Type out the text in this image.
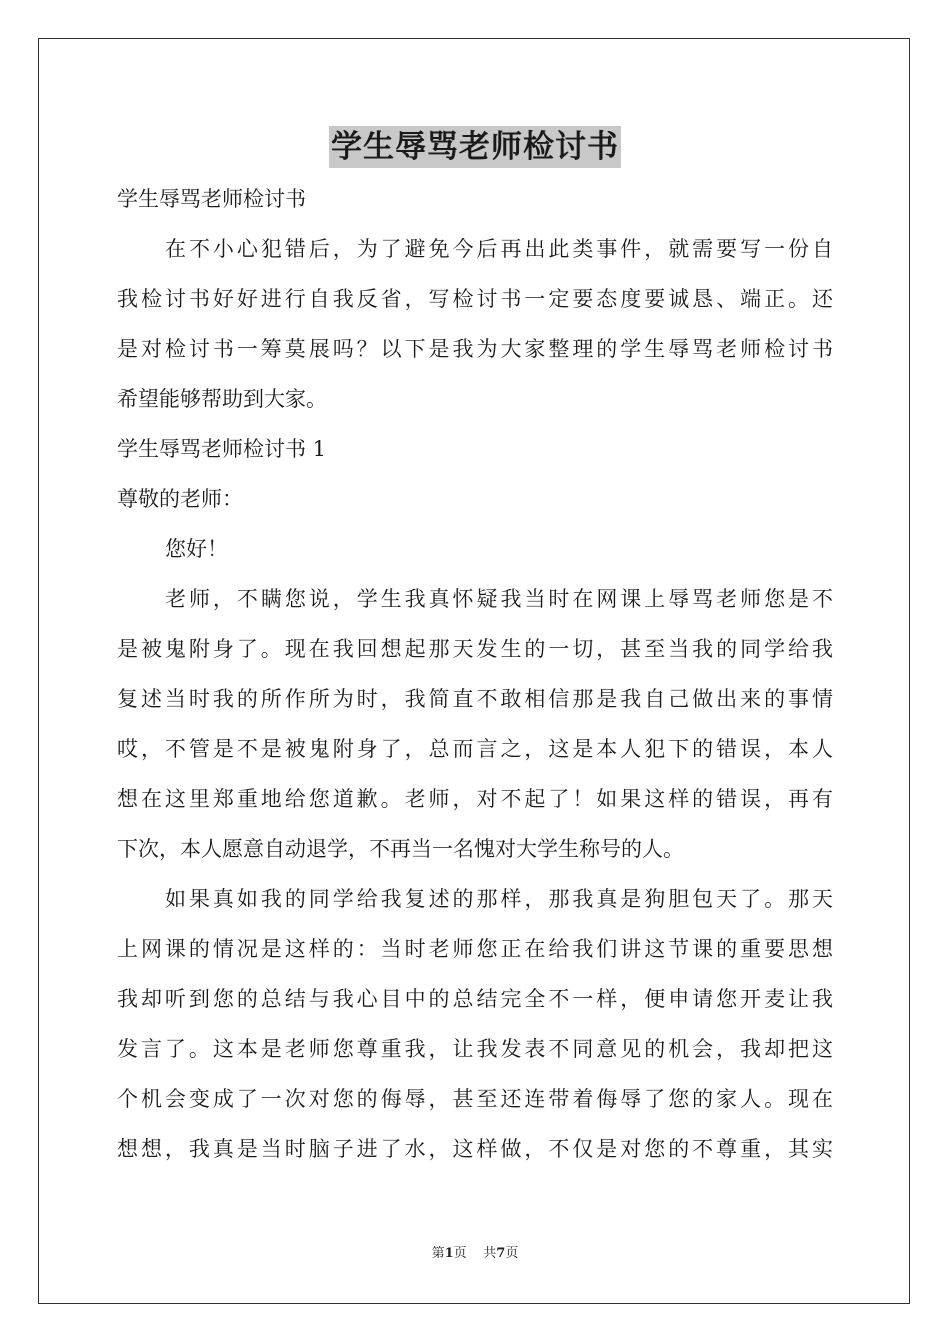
学生辱骂老师检讨书

学生辱骂老师检讨书

在不小心犯错后，为了避免今后再出此类事件，就需要写一份自

我检讨书好好进行自我反省，写检讨书一定要态度要诚恳、端正。还

是对检讨书一筹莫展吗？以下是我为大家整理的学生辱骂老师检讨书

希望能够帮助到大家。

学生辱骂老师检讨书 1

尊敬的老师：

您好！

老师，不瞒您说，学生我真怀疑我当时在网课上辱骂老师您是不

是被鬼附身了。现在我回想起那天发生的一切，甚至当我的同学给我

复述当时我的所作所为时，我简直不敢相信那是我自己做出来的事情

哎，不管是不是被鬼附身了，总而言之，这是本人犯下的错误，本人

想在这里郑重地给您道歉。老师，对不起了！如果这样的错误，再有

下次，本人愿意自动退学，不再当一名愧对大学生称号的人。

如果真如我的同学给我复述的那样，那我真是狗胆包天了。那天

上网课的情况是这样的：当时老师您正在给我们讲这节课的重要思想

我却听到您的总结与我心目中的总结完全不一样，便申请您开麦让我

发言了。这本是老师您尊重我，让我发表不同意见的机会，我却把这

个机会变成了一次对您的侮辱，甚至还连带着侮辱了您的家人。现在

想想，我真是当时脑子进了水，这样做，不仅是对您的不尊重，其实

第1页 共7页
